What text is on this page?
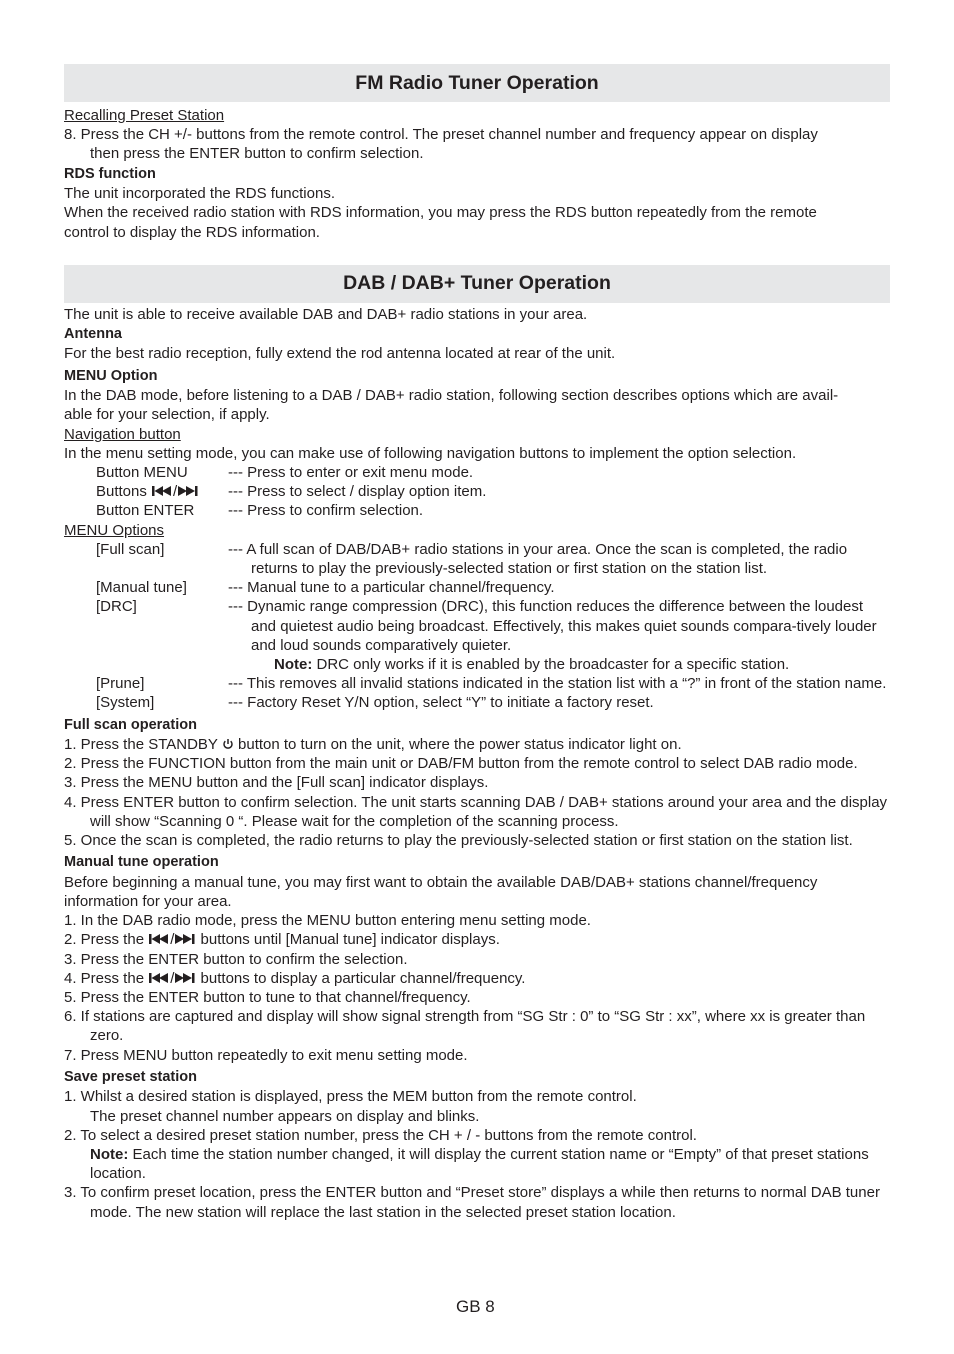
FM Radio Tuner Operation
Recalling Preset Station
8. Press the CH +/- buttons from the remote control. The preset channel number and frequency appear on display
then press the ENTER button to confirm selection.
RDS function
The unit incorporated the RDS functions.
When the received radio station with RDS information, you may press the RDS button repeatedly from the remote
control to display the RDS information.
DAB / DAB+ Tuner Operation
The unit is able to receive available DAB and DAB+ radio stations in your area.
Antenna
For the best radio reception, fully extend the rod antenna located at rear of the unit.
MENU Option
In the DAB mode, before listening to a DAB / DAB+ radio station, following section describes options which are avail-
able for your selection, if apply.
Navigation button
In the menu setting mode, you can make use of following navigation buttons to implement the option selection.
Button MENU	--- Press to enter or exit menu mode.
Buttons /	--- Press to select / display option item.
Button ENTER	--- Press to confirm selection.
MENU Options
[Full scan]	--- A full scan of DAB/DAB+ radio stations in your area. Once the scan is completed, the radio returns to play the previously-selected station or first station on the station list.
[Manual tune]	--- Manual tune to a particular channel/frequency.
[DRC]	--- Dynamic range compression (DRC), this function reduces the difference between the loudest and quietest audio being broadcast. Effectively, this makes quiet sounds compara-tively louder and loud sounds comparatively quieter.
Note: DRC only works if it is enabled by the broadcaster for a specific station.
[Prune]	--- This removes all invalid stations indicated in the station list with a “?” in front of the station name.
[System]	--- Factory Reset Y/N option, select “Y” to initiate a factory reset.
Full scan operation
1. Press the STANDBY  button to turn on the unit, where the power status indicator light on.
2. Press the FUNCTION button from the main unit or DAB/FM button from the remote control to select DAB radio mode.
3. Press the MENU button and the [Full scan] indicator displays.
4. Press ENTER button to confirm selection. The unit starts scanning DAB / DAB+ stations around your area and the display will show “Scanning 0 “. Please wait for the completion of the scanning process.
5. Once the scan is completed, the radio returns to play the previously-selected station or first station on the station list.
Manual tune operation
Before beginning a manual tune, you may first want to obtain the available DAB/DAB+ stations channel/frequency information for your area.
1. In the DAB radio mode, press the MENU button entering menu setting mode.
2. Press the / buttons until [Manual tune] indicator displays.
3. Press the ENTER button to confirm the selection.
4. Press the / buttons to display a particular channel/frequency.
5. Press the ENTER button to tune to that channel/frequency.
6. If stations are captured and display will show signal strength from “SG Str : 0” to “SG Str : xx”, where xx is greater than zero.
7. Press MENU button repeatedly to exit menu setting mode.
Save preset station
1. Whilst a desired station is displayed, press the MEM button from the remote control.
The preset channel number appears on display and blinks.
2. To select a desired preset station number, press the CH + / - buttons from the remote control.
Note: Each time the station number changed, it will display the current station name or “Empty” of that preset stations location.
3. To confirm preset location, press the ENTER button and “Preset store” displays a while then returns to normal DAB tuner mode. The new station will replace the last station in the selected preset station location.
GB 8
